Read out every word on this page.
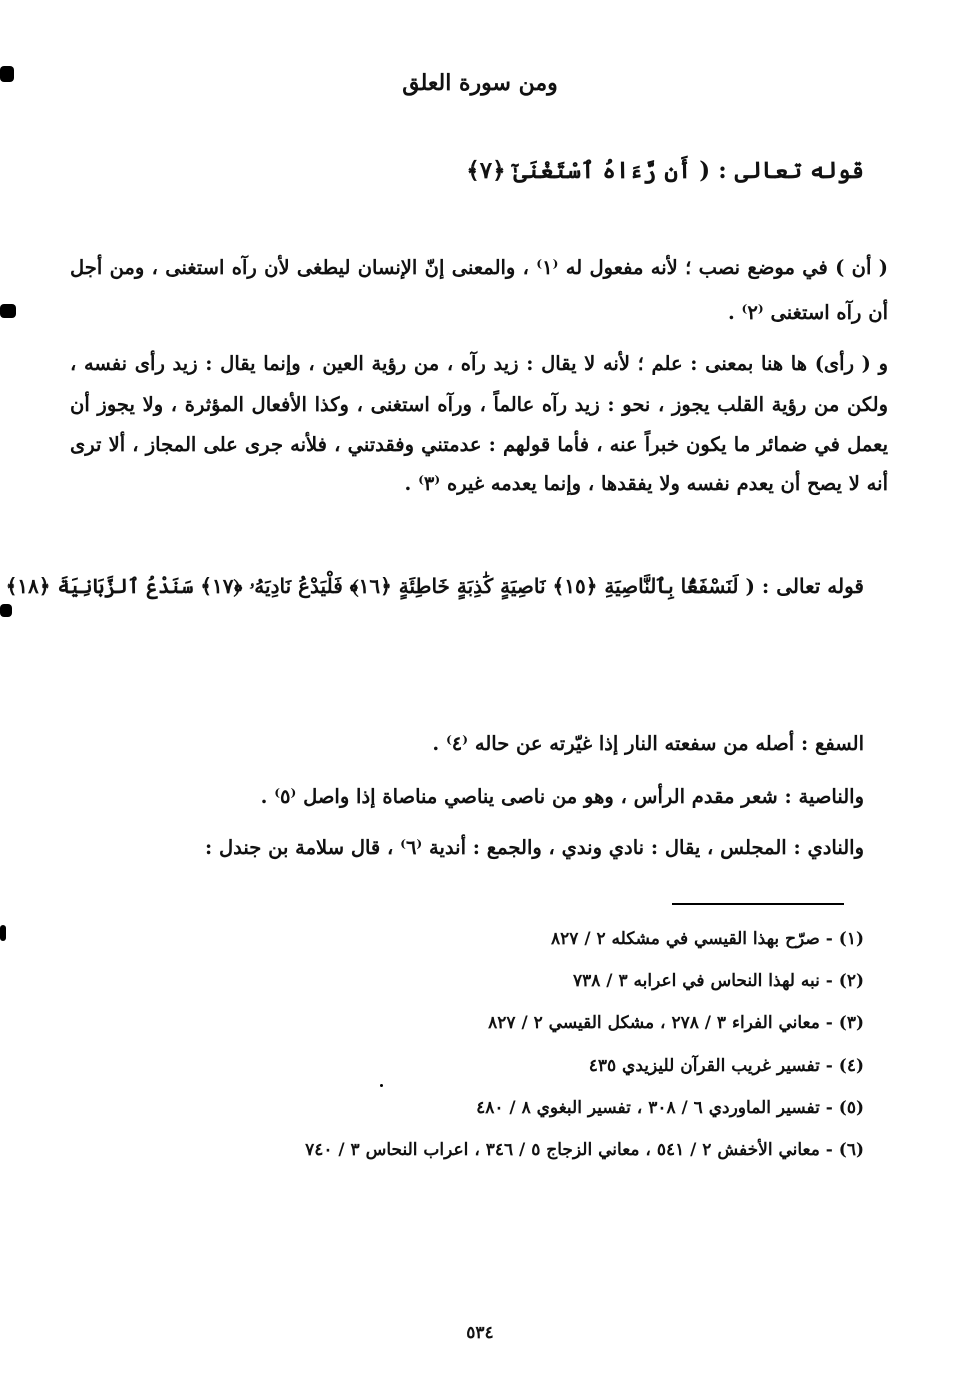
ومن سورة العلق
قوله تعالى : ( أَن رَّءَاهُ ٱسْتَغْنَىٰٓ ﴿٧﴾
( أن ) في موضع نصب ؛ لأنه مفعول له ⁽١⁾ ، والمعنى إنّ الإنسان ليطغى لأن رآه استغنى ، ومن أجل
أن رآه استغنى ⁽٢⁾ .
و ( رأى) ها هنا بمعنى : علم ؛ لأنه لا يقال : زيد رآه ، من رؤية العين ، وإنما يقال : زيد رأى نفسه ،
ولكن من رؤية القلب يجوز ، نحو : زيد رآه عالماً ، ورآه استغنى ، وكذا الأفعال المؤثرة ، ولا يجوز أن
يعمل في ضمائر ما يكون خبراً عنه ، فأما قولهم : عدمتني وفقدتني ، فلأنه جرى على المجاز ، ألا ترى
أنه لا يصح أن يعدم نفسه ولا يفقدها ، وإنما يعدمه غيره ⁽٣⁾ .
قوله تعالى : ( لَنَسْفَعًۢا بِٱلنَّاصِيَةِ ﴿١٥﴾ نَاصِيَةٍ كَٰذِبَةٍ خَاطِئَةٍ ﴿١٦﴾ فَلْيَدْعُ نَادِيَهُۥ ﴿١٧﴾ سَنَدْعُ ٱلزَّبَانِيَةَ ﴿١٨﴾
السفع : أصله من سفعته النار إذا غيّرته عن حاله ⁽٤⁾ .
والناصية : شعر مقدم الرأس ، وهو من ناصى يناصي مناصاة إذا واصل ⁽٥⁾ .
والنادي : المجلس ، يقال : نادي وندي ، والجمع : أندية ⁽٦⁾ ، قال سلامة بن جندل :
(١) - صرّح بهذا القيسي في مشكله ٢ / ٨٢٧
(٢) - نبه لهذا النحاس في اعرابه ٣ / ٧٣٨
(٣) - معاني الفراء ٣ / ٢٧٨ ، مشكل القيسي ٢ / ٨٢٧
(٤) - تفسير غريب القرآن لليزيدي ٤٣٥
(٥) - تفسير الماوردي ٦ / ٣٠٨ ، تفسير البغوي ٨ / ٤٨٠
(٦) - معاني الأخفش ٢ / ٥٤١ ، معاني الزجاج ٥ / ٣٤٦ ، اعراب النحاس ٣ / ٧٤٠
٥٣٤
